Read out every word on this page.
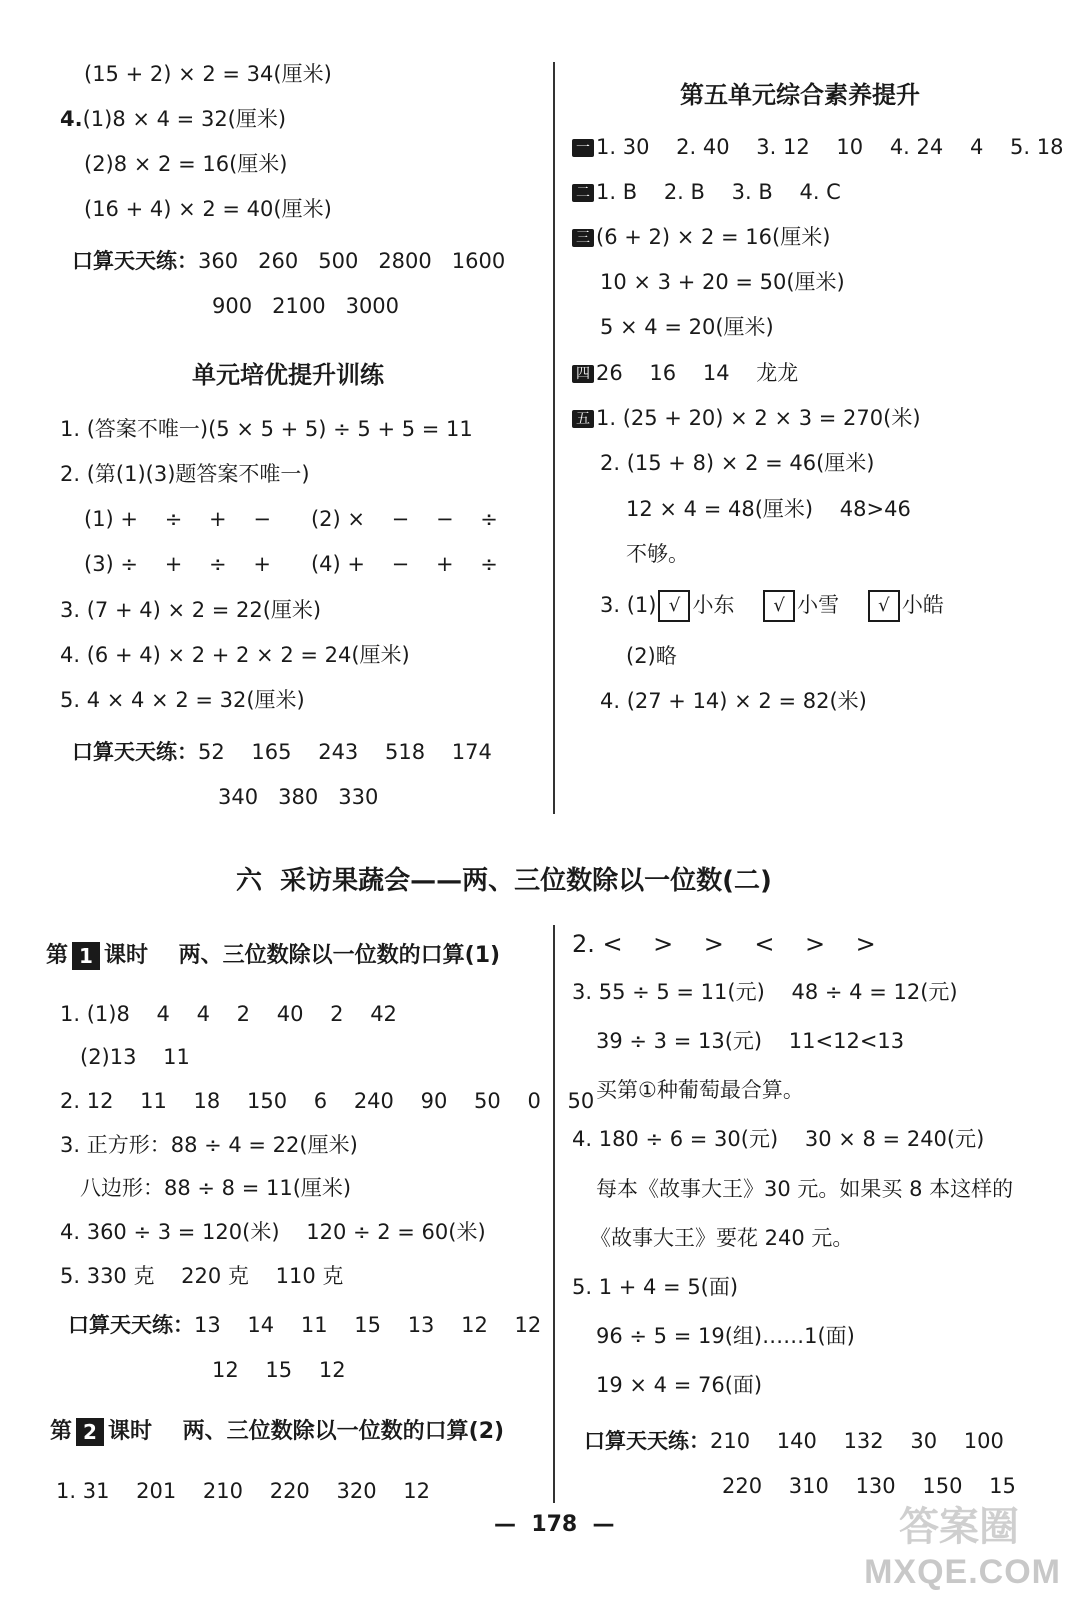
(15 + 2) × 2 = 34(厘米)
4.(1)8 × 4 = 32(厘米)
(2)8 × 2 = 16(厘米)
(16 + 4) × 2 = 40(厘米)
口算天天练：360   260   500   2800   1600
900   2100   3000
单元培优提升训练
1. (答案不唯一)(5 × 5 + 5) ÷ 5 + 5 = 11
2. (第(1)(3)题答案不唯一)
(1) +    ÷    +    −      (2) ×    −    −    ÷
(3) ÷    +    ÷    +      (4) +    −    +    ÷
3. (7 + 4) × 2 = 22(厘米)
4. (6 + 4) × 2 + 2 × 2 = 24(厘米)
5. 4 × 4 × 2 = 32(厘米)
口算天天练：52    165    243    518    174
340   380   330
第五单元综合素养提升
一 1. 30    2. 40    3. 12    10    4. 24    4    5. 18
二 1. B    2. B    3. B    4. C
三 (6 + 2) × 2 = 16(厘米)
10 × 3 + 20 = 50(厘米)
5 × 4 = 20(厘米)
四 26    16    14    龙龙
五 1. (25 + 20) × 2 × 3 = 270(米)
2. (15 + 8) × 2 = 46(厘米)
12 × 4 = 48(厘米)    48>46
不够。
3. (1) √ 小东 √ 小雪 √ 小皓
(2)略
4. (27 + 14) × 2 = 82(米)
六  采访果蔬会——两、三位数除以一位数(二)
第 1 课时    两、三位数除以一位数的口算(1)
1. (1)8    4    4    2    40    2    42
(2)13    11
2. 12    11    18    150    6    240    90    50    0    50
3. 正方形：88 ÷ 4 = 22(厘米)
八边形：88 ÷ 8 = 11(厘米)
4. 360 ÷ 3 = 120(米)    120 ÷ 2 = 60(米)
5. 330 克    220 克    110 克
口算天天练：13    14    11    15    13    12    12
12    15    12
第 2 课时    两、三位数除以一位数的口算(2)
1. 31    201    210    220    320    12
2. <    >    >    <    >    >
3. 55 ÷ 5 = 11(元)    48 ÷ 4 = 12(元)
39 ÷ 3 = 13(元)    11<12<13
买第①种葡萄最合算。
4. 180 ÷ 6 = 30(元)    30 × 8 = 240(元)
每本《故事大王》30 元。如果买 8 本这样的
《故事大王》要花 240 元。
5. 1 + 4 = 5(面)
96 ÷ 5 = 19(组)……1(面)
19 × 4 = 76(面)
口算天天练：210    140    132    30    100
220    310    130    150    15
—  178  —	答案圈
MXQE.COM
